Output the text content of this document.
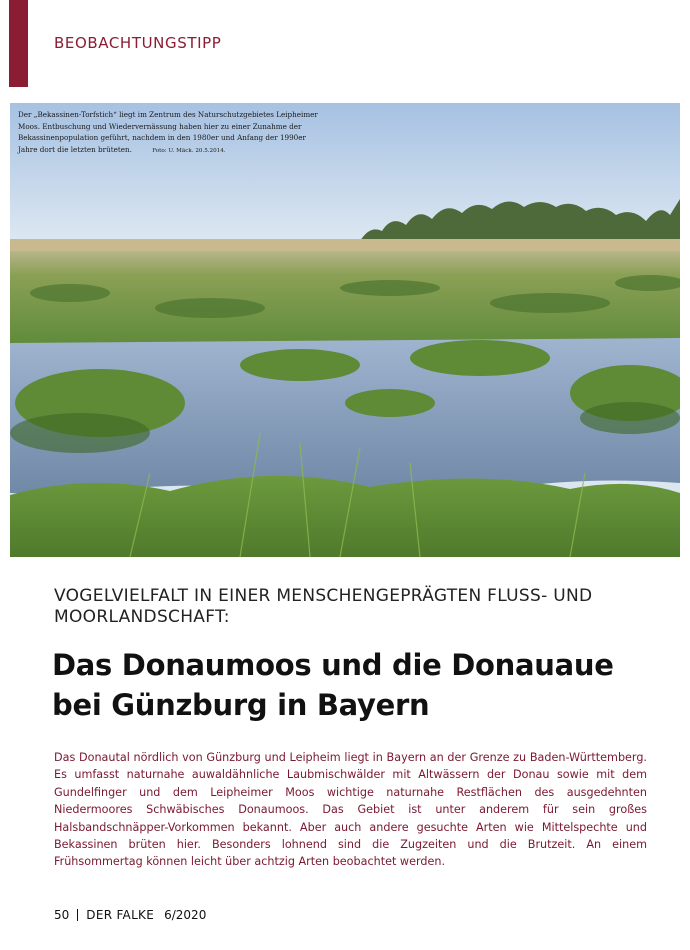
BEOBACHTUNGSTIPP
Der „Bekassinen-Torfstich“ liegt im Zentrum des Naturschutzgebietes Leipheimer Moos. Entbuschung und Wiedervernässung haben hier zu einer Zunahme der Bekassinenpopulation geführt, nachdem in den 1980er und Anfang der 1990er Jahre dort die letzten brüteten.	Foto: U. Mäck. 20.5.2014.
VOGELVIELFALT IN EINER MENSCHENGEPRÄGTEN FLUSS- UND
MOORLANDSCHAFT:
Das Donaumoos und die Donauaue
bei Günzburg in Bayern
Das Donautal nördlich von Günzburg und Leipheim liegt in Bayern an der Grenze zu Baden-Württemberg. Es umfasst naturnahe auwaldähnliche Laubmischwälder mit Altwässern der Donau sowie mit dem Gundelfinger und dem Leipheimer Moos wichtige naturnahe Restflächen des ausgedehnten Niedermoores Schwäbisches Donaumoos. Das Gebiet ist unter anderem für sein großes Halsbandschnäpper-Vorkommen bekannt. Aber auch andere gesuchte Arten wie Mittelspechte und Bekassinen brüten hier. Besonders lohnend sind die Zugzeiten und die Brutzeit. An einem Frühsommertag können leicht über achtzig Arten beobachtet werden.
50 DER FALKE 6/2020
